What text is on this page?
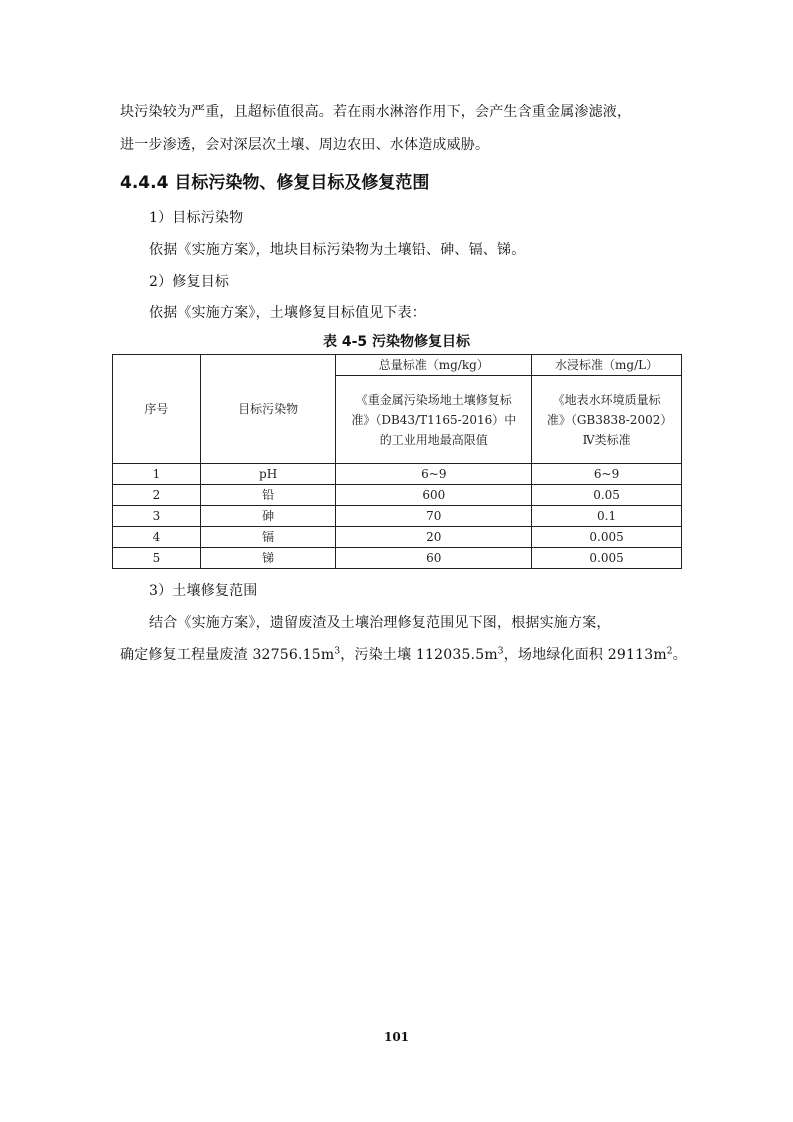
块污染较为严重，且超标值很高。若在雨水淋溶作用下，会产生含重金属渗滤液，
进一步渗透，会对深层次土壤、周边农田、水体造成威胁。
4.4.4 目标污染物、修复目标及修复范围
1）目标污染物
依据《实施方案》，地块目标污染物为土壤铅、砷、镉、锑。
2）修复目标
依据《实施方案》，土壤修复目标值见下表：
表 4-5 污染物修复目标
序号	目标污染物	总量标准（mg/kg）	水浸标准（mg/L）
		《重金属污染场地土壤修复标准》（DB43/T1165-2016）中的工业用地最高限值	《地表水环境质量标准》（GB3838-2002）Ⅳ类标准
1	pH	6~9	6~9
2	铅	600	0.05
3	砷	70	0.1
4	镉	20	0.005
5	锑	60	0.005
3）土壤修复范围
结合《实施方案》，遗留废渣及土壤治理修复范围见下图，根据实施方案，
确定修复工程量废渣 $32756.15m^3$，污染土壤 $112035.5m^3$，场地绿化面积 $29113m^2$。
101
